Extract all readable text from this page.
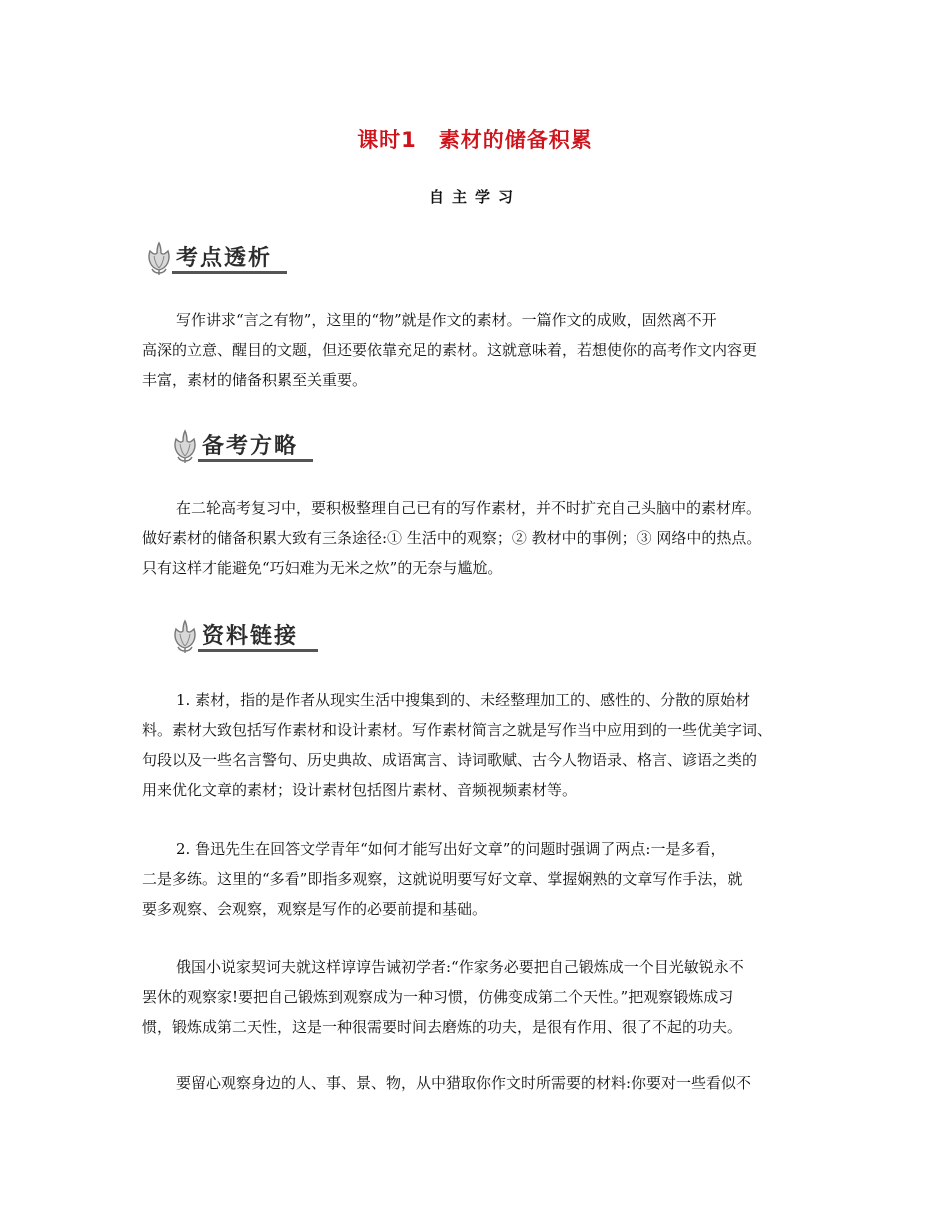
课时1　素材的储备积累
自主学习
考点透析
写作讲求“言之有物”，这里的“物”就是作文的素材。一篇作文的成败，固然离不开
高深的立意、醒目的文题，但还要依靠充足的素材。这就意味着，若想使你的高考作文内容更
丰富，素材的储备积累至关重要。
备考方略
在二轮高考复习中，要积极整理自己已有的写作素材，并不时扩充自己头脑中的素材库。
做好素材的储备积累大致有三条途径:① 生活中的观察；② 教材中的事例；③ 网络中的热点。
只有这样才能避免“巧妇难为无米之炊”的无奈与尴尬。
资料链接
1. 素材，指的是作者从现实生活中搜集到的、未经整理加工的、感性的、分散的原始材
料。素材大致包括写作素材和设计素材。写作素材简言之就是写作当中应用到的一些优美字词、
句段以及一些名言警句、历史典故、成语寓言、诗词歌赋、古今人物语录、格言、谚语之类的
用来优化文章的素材；设计素材包括图片素材、音频视频素材等。
2. 鲁迅先生在回答文学青年“如何才能写出好文章”的问题时强调了两点:一是多看，
二是多练。这里的“多看”即指多观察，这就说明要写好文章、掌握娴熟的文章写作手法，就
要多观察、会观察，观察是写作的必要前提和基础。
俄国小说家契诃夫就这样谆谆告诫初学者:“作家务必要把自己锻炼成一个目光敏锐永不
罢休的观察家!要把自己锻炼到观察成为一种习惯，仿佛变成第二个天性。”把观察锻炼成习
惯，锻炼成第二天性，这是一种很需要时间去磨炼的功夫，是很有作用、很了不起的功夫。
要留心观察身边的人、事、景、物，从中猎取你作文时所需要的材料:你要对一些看似不
